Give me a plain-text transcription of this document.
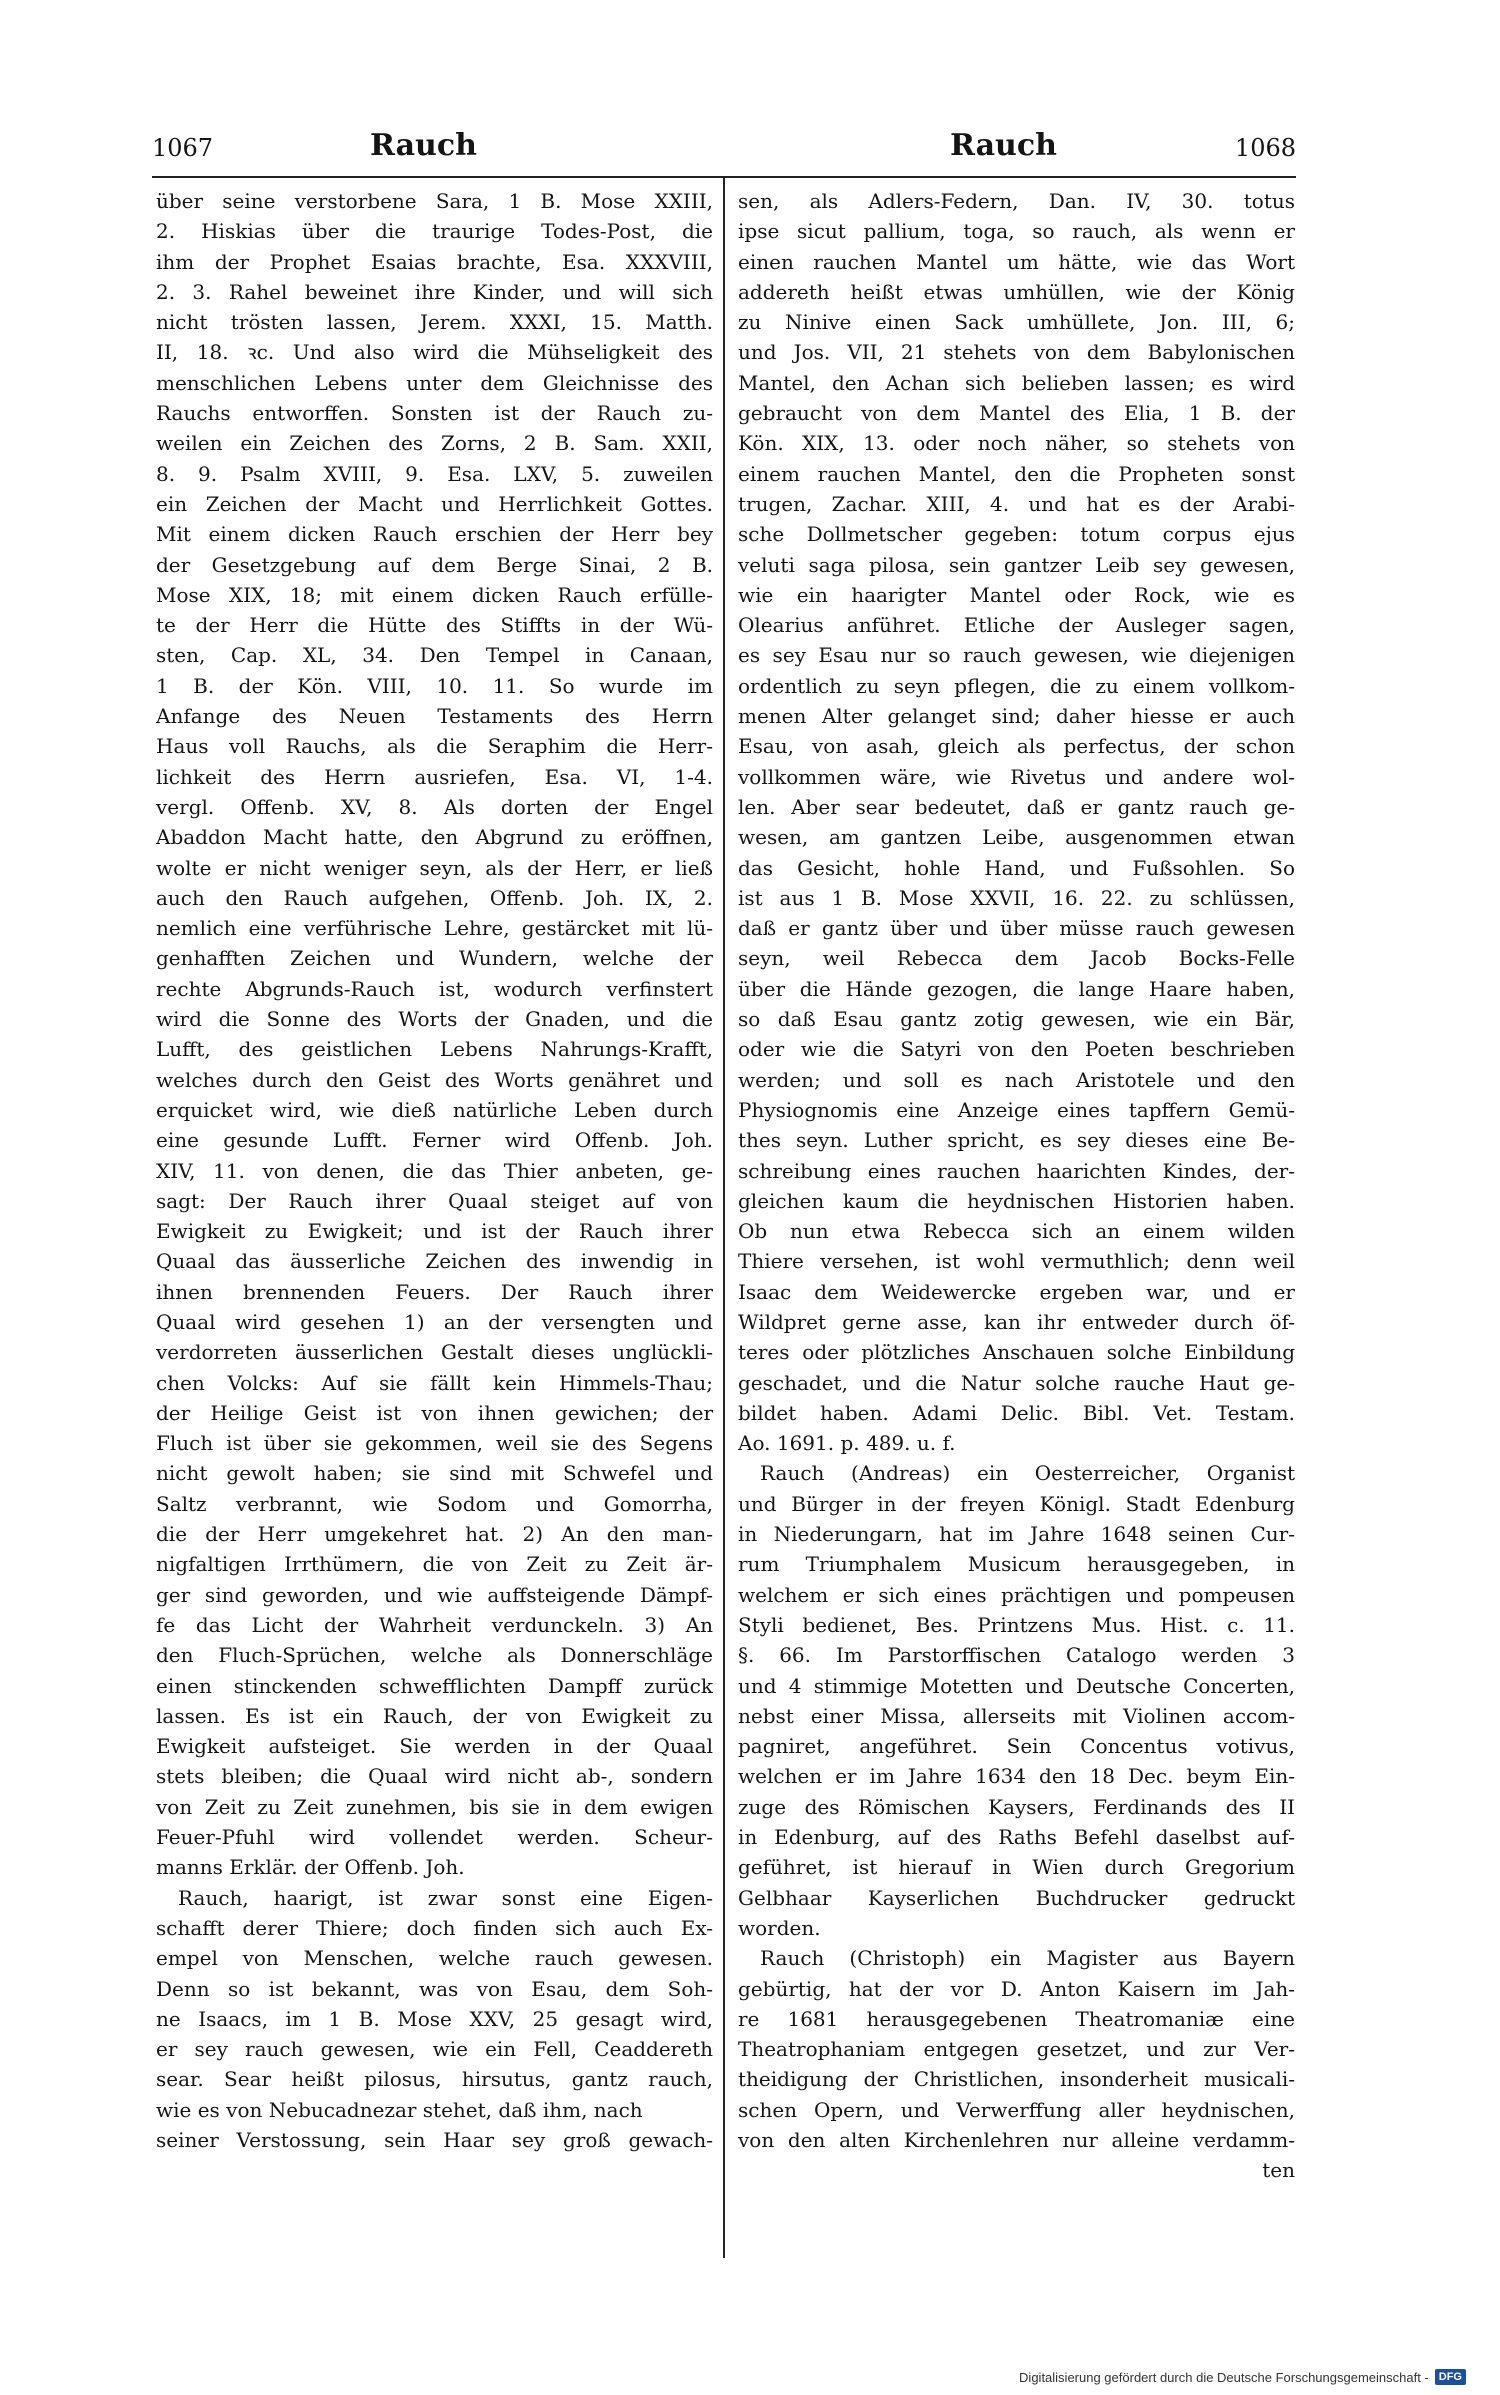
1067	Rauch	Rauch	1068
über seine verstorbene Sara, 1 B. Mose XXIII,
2. Hiskias über die traurige Todes-Post, die
ihm der Prophet Esaias brachte, Esa. XXXVIII,
2. 3. Rahel beweinet ihre Kinder, und will sich
nicht trösten lassen, Jerem. XXXI, 15. Matth.
II, 18. ꝛc. Und also wird die Mühseligkeit des
menschlichen Lebens unter dem Gleichnisse des
Rauchs entworffen. Sonsten ist der Rauch zu-
weilen ein Zeichen des Zorns, 2 B. Sam. XXII,
8. 9. Psalm XVIII, 9. Esa. LXV, 5. zuweilen
ein Zeichen der Macht und Herrlichkeit Gottes.
Mit einem dicken Rauch erschien der Herr bey
der Gesetzgebung auf dem Berge Sinai, 2 B.
Mose XIX, 18; mit einem dicken Rauch erfülle-
te der Herr die Hütte des Stiffts in der Wü-
sten, Cap. XL, 34. Den Tempel in Canaan,
1 B. der Kön. VIII, 10. 11. So wurde im
Anfange des Neuen Testaments des Herrn
Haus voll Rauchs, als die Seraphim die Herr-
lichkeit des Herrn ausriefen, Esa. VI, 1-4.
vergl. Offenb. XV, 8. Als dorten der Engel
Abaddon Macht hatte, den Abgrund zu eröffnen,
wolte er nicht weniger seyn, als der Herr, er ließ
auch den Rauch aufgehen, Offenb. Joh. IX, 2.
nemlich eine verführische Lehre, gestärcket mit lü-
genhafften Zeichen und Wundern, welche der
rechte Abgrunds-Rauch ist, wodurch verfinstert
wird die Sonne des Worts der Gnaden, und die
Lufft, des geistlichen Lebens Nahrungs-Krafft,
welches durch den Geist des Worts genähret und
erquicket wird, wie dieß natürliche Leben durch
eine gesunde Lufft. Ferner wird Offenb. Joh.
XIV, 11. von denen, die das Thier anbeten, ge-
sagt: Der Rauch ihrer Quaal steiget auf von
Ewigkeit zu Ewigkeit; und ist der Rauch ihrer
Quaal das äusserliche Zeichen des inwendig in
ihnen brennenden Feuers. Der Rauch ihrer
Quaal wird gesehen 1) an der versengten und
verdorreten äusserlichen Gestalt dieses unglückli-
chen Volcks: Auf sie fällt kein Himmels-Thau;
der Heilige Geist ist von ihnen gewichen; der
Fluch ist über sie gekommen, weil sie des Segens
nicht gewolt haben; sie sind mit Schwefel und
Saltz verbrannt, wie Sodom und Gomorrha,
die der Herr umgekehret hat. 2) An den man-
nigfaltigen Irrthümern, die von Zeit zu Zeit är-
ger sind geworden, und wie auffsteigende Dämpf-
fe das Licht der Wahrheit verdunckeln. 3) An
den Fluch-Sprüchen, welche als Donnerschläge
einen stinckenden schwefflichten Dampff zurück
lassen. Es ist ein Rauch, der von Ewigkeit zu
Ewigkeit aufsteiget. Sie werden in der Quaal
stets bleiben; die Quaal wird nicht ab-, sondern
von Zeit zu Zeit zunehmen, bis sie in dem ewigen
Feuer-Pfuhl wird vollendet werden. Scheur-
manns Erklär. der Offenb. Joh.
Rauch, haarigt, ist zwar sonst eine Eigen-
schafft derer Thiere; doch finden sich auch Ex-
empel von Menschen, welche rauch gewesen.
Denn so ist bekannt, was von Esau, dem Soh-
ne Isaacs, im 1 B. Mose XXV, 25 gesagt wird,
er sey rauch gewesen, wie ein Fell, Ceaddereth
sear. Sear heißt pilosus, hirsutus, gantz rauch,
wie es von Nebucadnezar stehet, daß ihm, nach
seiner Verstossung, sein Haar sey groß gewach-
sen, als Adlers-Federn, Dan. IV, 30. totus
ipse sicut pallium, toga, so rauch, als wenn er
einen rauchen Mantel um hätte, wie das Wort
addereth heißt etwas umhüllen, wie der König
zu Ninive einen Sack umhüllete, Jon. III, 6;
und Jos. VII, 21 stehets von dem Babylonischen
Mantel, den Achan sich belieben lassen; es wird
gebraucht von dem Mantel des Elia, 1 B. der
Kön. XIX, 13. oder noch näher, so stehets von
einem rauchen Mantel, den die Propheten sonst
trugen, Zachar. XIII, 4. und hat es der Arabi-
sche Dollmetscher gegeben: totum corpus ejus
veluti saga pilosa, sein gantzer Leib sey gewesen,
wie ein haarigter Mantel oder Rock, wie es
Olearius anführet. Etliche der Ausleger sagen,
es sey Esau nur so rauch gewesen, wie diejenigen
ordentlich zu seyn pflegen, die zu einem vollkom-
menen Alter gelanget sind; daher hiesse er auch
Esau, von asah, gleich als perfectus, der schon
vollkommen wäre, wie Rivetus und andere wol-
len. Aber sear bedeutet, daß er gantz rauch ge-
wesen, am gantzen Leibe, ausgenommen etwan
das Gesicht, hohle Hand, und Fußsohlen. So
ist aus 1 B. Mose XXVII, 16. 22. zu schlüssen,
daß er gantz über und über müsse rauch gewesen
seyn, weil Rebecca dem Jacob Bocks-Felle
über die Hände gezogen, die lange Haare haben,
so daß Esau gantz zotig gewesen, wie ein Bär,
oder wie die Satyri von den Poeten beschrieben
werden; und soll es nach Aristotele und den
Physiognomis eine Anzeige eines tapffern Gemü-
thes seyn. Luther spricht, es sey dieses eine Be-
schreibung eines rauchen haarichten Kindes, der-
gleichen kaum die heydnischen Historien haben.
Ob nun etwa Rebecca sich an einem wilden
Thiere versehen, ist wohl vermuthlich; denn weil
Isaac dem Weidewercke ergeben war, und er
Wildpret gerne asse, kan ihr entweder durch öf-
teres oder plötzliches Anschauen solche Einbildung
geschadet, und die Natur solche rauche Haut ge-
bildet haben. Adami Delic. Bibl. Vet. Testam.
Ao. 1691. p. 489. u. f.
Rauch (Andreas) ein Oesterreicher, Organist
und Bürger in der freyen Königl. Stadt Edenburg
in Niederungarn, hat im Jahre 1648 seinen Cur-
rum Triumphalem Musicum herausgegeben, in
welchem er sich eines prächtigen und pompeusen
Styli bedienet, Bes. Printzens Mus. Hist. c. 11.
§. 66. Im Parstorffischen Catalogo werden 3
und 4 stimmige Motetten und Deutsche Concerten,
nebst einer Missa, allerseits mit Violinen accom-
pagniret, angeführet. Sein Concentus votivus,
welchen er im Jahre 1634 den 18 Dec. beym Ein-
zuge des Römischen Kaysers, Ferdinands des II
in Edenburg, auf des Raths Befehl daselbst auf-
geführet, ist hierauf in Wien durch Gregorium
Gelbhaar Kayserlichen Buchdrucker gedruckt
worden.
Rauch (Christoph) ein Magister aus Bayern
gebürtig, hat der vor D. Anton Kaisern im Jah-
re 1681 herausgegebenen Theatromaniæ eine
Theatrophaniam entgegen gesetzet, und zur Ver-
theidigung der Christlichen, insonderheit musicali-
schen Opern, und Verwerffung aller heydnischen,
von den alten Kirchenlehren nur alleine verdamm-
ten
Digitalisierung gefördert durch die Deutsche Forschungsgemeinschaft - DFG
